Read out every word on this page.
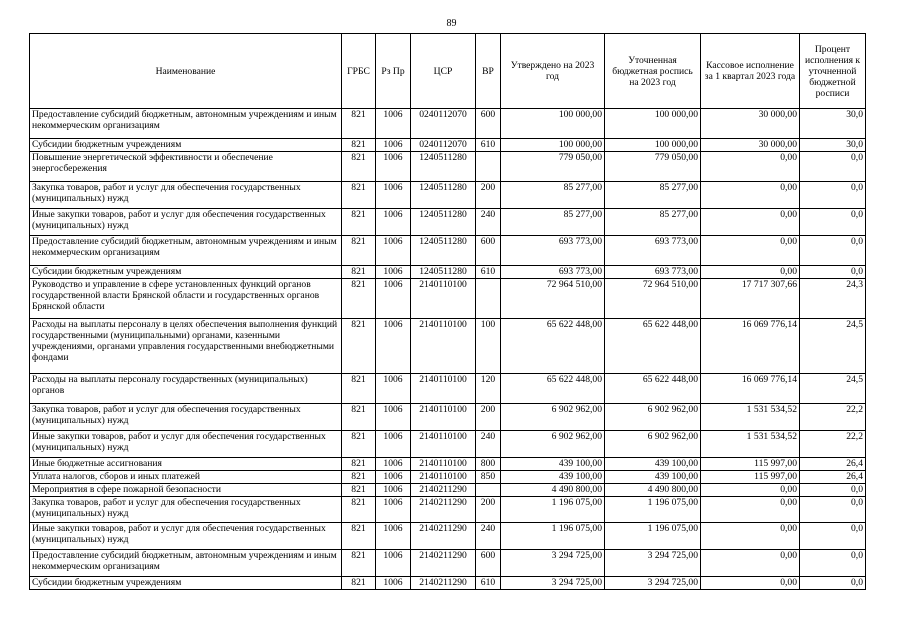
89
Наименование	ГРБС	Рз Пр	ЦСР	ВР	Утверждено на 2023 год	Уточненная бюджетная роспись на 2023 год	Кассовое исполнение за 1 квартал 2023 года	Процент исполнения к уточненной бюджетной росписи
Предоставление субсидий бюджетным, автономным учреждениям и иным некоммерческим организациям	821	1006	0240112070	600	100 000,00	100 000,00	30 000,00	30,0
Субсидии бюджетным учреждениям	821	1006	0240112070	610	100 000,00	100 000,00	30 000,00	30,0
Повышение энергетической эффективности и обеспечение энергосбережения	821	1006	1240511280		779 050,00	779 050,00	0,00	0,0
Закупка товаров, работ и услуг для обеспечения государственных (муниципальных) нужд	821	1006	1240511280	200	85 277,00	85 277,00	0,00	0,0
Иные закупки товаров, работ и услуг для обеспечения государственных (муниципальных) нужд	821	1006	1240511280	240	85 277,00	85 277,00	0,00	0,0
Предоставление субсидий бюджетным, автономным учреждениям и иным некоммерческим организациям	821	1006	1240511280	600	693 773,00	693 773,00	0,00	0,0
Субсидии бюджетным учреждениям	821	1006	1240511280	610	693 773,00	693 773,00	0,00	0,0
Руководство и управление в сфере установленных функций органов государственной власти Брянской области и государственных органов Брянской области	821	1006	2140110100		72 964 510,00	72 964 510,00	17 717 307,66	24,3
Расходы на выплаты персоналу в целях обеспечения выполнения функций государственными (муниципальными) органами, казенными учреждениями, органами управления государственными внебюджетными фондами	821	1006	2140110100	100	65 622 448,00	65 622 448,00	16 069 776,14	24,5
Расходы на выплаты персоналу государственных (муниципальных) органов	821	1006	2140110100	120	65 622 448,00	65 622 448,00	16 069 776,14	24,5
Закупка товаров, работ и услуг для обеспечения государственных (муниципальных) нужд	821	1006	2140110100	200	6 902 962,00	6 902 962,00	1 531 534,52	22,2
Иные закупки товаров, работ и услуг для обеспечения государственных (муниципальных) нужд	821	1006	2140110100	240	6 902 962,00	6 902 962,00	1 531 534,52	22,2
Иные бюджетные ассигнования	821	1006	2140110100	800	439 100,00	439 100,00	115 997,00	26,4
Уплата налогов, сборов и иных платежей	821	1006	2140110100	850	439 100,00	439 100,00	115 997,00	26,4
Мероприятия в сфере пожарной безопасности	821	1006	2140211290		4 490 800,00	4 490 800,00	0,00	0,0
Закупка товаров, работ и услуг для обеспечения государственных (муниципальных) нужд	821	1006	2140211290	200	1 196 075,00	1 196 075,00	0,00	0,0
Иные закупки товаров, работ и услуг для обеспечения государственных (муниципальных) нужд	821	1006	2140211290	240	1 196 075,00	1 196 075,00	0,00	0,0
Предоставление субсидий бюджетным, автономным учреждениям и иным некоммерческим организациям	821	1006	2140211290	600	3 294 725,00	3 294 725,00	0,00	0,0
Субсидии бюджетным учреждениям	821	1006	2140211290	610	3 294 725,00	3 294 725,00	0,00	0,0
